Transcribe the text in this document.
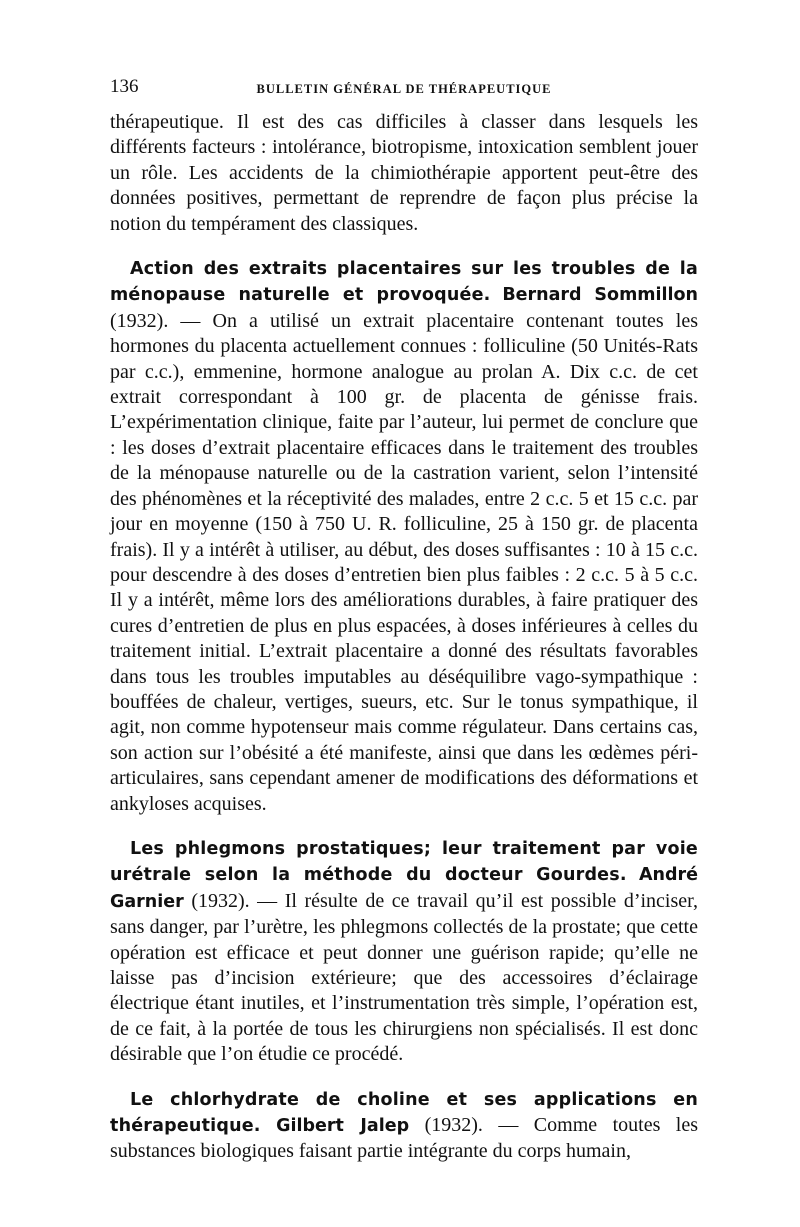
136	BULLETIN GÉNÉRAL DE THÉRAPEUTIQUE

thérapeutique. Il est des cas difficiles à classer dans lesquels les différents facteurs : intolérance, biotropisme, intoxication semblent jouer un rôle. Les accidents de la chimiothérapie apportent peut-être des données positives, permettant de reprendre de façon plus précise la notion du tempérament des classiques.

Action des extraits placentaires sur les troubles de la ménopause naturelle et provoquée. Bernard Sommillon (1932). — On a utilisé un extrait placentaire contenant toutes les hormones du placenta actuellement connues : folliculine (50 Unités-Rats par c.c.), emmenine, hormone analogue au prolan A. Dix c.c. de cet extrait correspondant à 100 gr. de placenta de génisse frais. L’expérimentation clinique, faite par l’auteur, lui permet de conclure que : les doses d’extrait placentaire efficaces dans le traitement des troubles de la ménopause naturelle ou de la castration varient, selon l’intensité des phénomènes et la réceptivité des malades, entre 2 c.c. 5 et 15 c.c. par jour en moyenne (150 à 750 U. R. folliculine, 25 à 150 gr. de placenta frais). Il y a intérêt à utiliser, au début, des doses suffisantes : 10 à 15 c.c. pour descendre à des doses d’entretien bien plus faibles : 2 c.c. 5 à 5 c.c. Il y a intérêt, même lors des améliorations durables, à faire pratiquer des cures d’entretien de plus en plus espacées, à doses inférieures à celles du traitement initial. L’extrait placentaire a donné des résultats favorables dans tous les troubles imputables au déséquilibre vago-sympathique : bouffées de chaleur, vertiges, sueurs, etc. Sur le tonus sympathique, il agit, non comme hypotenseur mais comme régulateur. Dans certains cas, son action sur l’obésité a été manifeste, ainsi que dans les œdèmes péri-articulaires, sans cependant amener de modifications des déformations et ankyloses acquises.

Les phlegmons prostatiques; leur traitement par voie urétrale selon la méthode du docteur Gourdes. André Garnier (1932). — Il résulte de ce travail qu’il est possible d’inciser, sans danger, par l’urètre, les phlegmons collectés de la prostate; que cette opération est efficace et peut donner une guérison rapide; qu’elle ne laisse pas d’incision extérieure; que des accessoires d’éclairage électrique étant inutiles, et l’instrumentation très simple, l’opération est, de ce fait, à la portée de tous les chirurgiens non spécialisés. Il est donc désirable que l’on étudie ce procédé.

Le chlorhydrate de choline et ses applications en thérapeutique. Gilbert Jalep (1932). — Comme toutes les substances biologiques faisant partie intégrante du corps humain,
